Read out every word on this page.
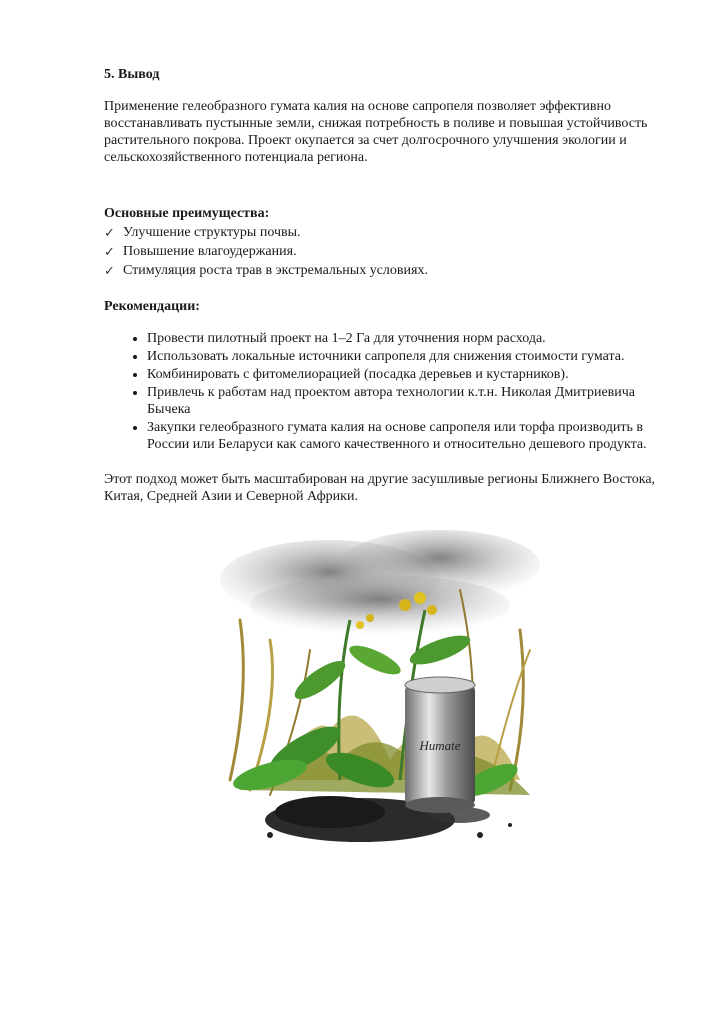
5. Вывод

Применение гелеобразного гумата калия на основе сапропеля позволяет эффективно восстанавливать пустынные земли, снижая потребность в поливе и повышая устойчивость растительного покрова. Проект окупается за счет долгосрочного улучшения экологии и сельскохозяйственного потенциала региона.

Основные преимущества:

✓ Улучшение структуры почвы.
✓ Повышение влагоудержания.
✓ Стимуляция роста трав в экстремальных условиях.

Рекомендации:

• Провести пилотный проект на 1–2 Га для уточнения норм расхода.
• Использовать локальные источники сапропеля для снижения стоимости гумата.
• Комбинировать с фитомелиорацией (посадка деревьев и кустарников).
• Привлечь к работам над проектом автора технологии к.т.н. Николая Дмитриевича Бычека
• Закупки гелеобразного гумата калия на основе сапропеля или торфа производить в России или Беларуси как самого качественного и относительно дешевого продукта.

Этот подход может быть масштабирован на другие засушливые регионы Ближнего Востока, Китая, Средней Азии и Северной Африки.

Humate
